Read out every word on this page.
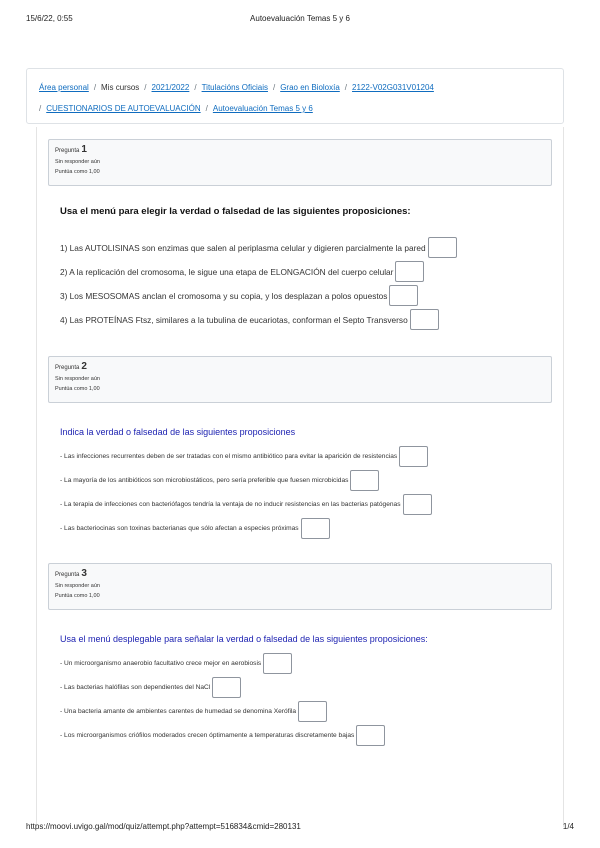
15/6/22, 0:55	Autoevaluación Temas 5 y 6
Área personal / Mis cursos / 2021/2022 / Titulacións Oficiais / Grao en Bioloxía / 2122-V02G031V01204
/ CUESTIONARIOS DE AUTOEVALUACIÓN / Autoevaluación Temas 5 y 6
Pregunta 1
Sin responder aún
Puntúa como 1,00
Usa el menú para elegir la verdad o falsedad de las siguientes proposiciones:
1) Las AUTOLISINAS son enzimas que salen al periplasma celular y digieren parcialmente la pared
2) A la replicación del cromosoma, le sigue una etapa de ELONGACIÓN del cuerpo celular
3) Los MESOSOMAS anclan el cromosoma y su copia, y los desplazan a polos opuestos
4) Las PROTEÍNAS Ftsz, similares a la tubulina de eucariotas, conforman el Septo Transverso
Pregunta 2
Sin responder aún
Puntúa como 1,00
Indica la verdad o falsedad de las siguientes proposiciones
- Las infecciones recurrentes deben de ser tratadas con el mismo antibiótico para evitar la aparición de resistencias
- La mayoría de los antibióticos son microbiostáticos, pero sería preferible que fuesen microbicidas
- La terapia de infecciones con bacteriófagos tendría la ventaja de no inducir resistencias en las bacterias patógenas
- Las bacteriocinas son toxinas bacterianas que sólo afectan a especies próximas
Pregunta 3
Sin responder aún
Puntúa como 1,00
Usa el menú desplegable para señalar la verdad o falsedad de las siguientes proposiciones:
- Un microorganismo anaerobio facultativo crece mejor en aerobiosis
- Las bacterias halófilas son dependientes del NaCl
- Una bacteria amante de ambientes carentes de humedad se denomina Xerófila
- Los microorganismos criófilos moderados crecen óptimamente a temperaturas discretamente bajas
https://moovi.uvigo.gal/mod/quiz/attempt.php?attempt=516834&cmid=280131	1/4
